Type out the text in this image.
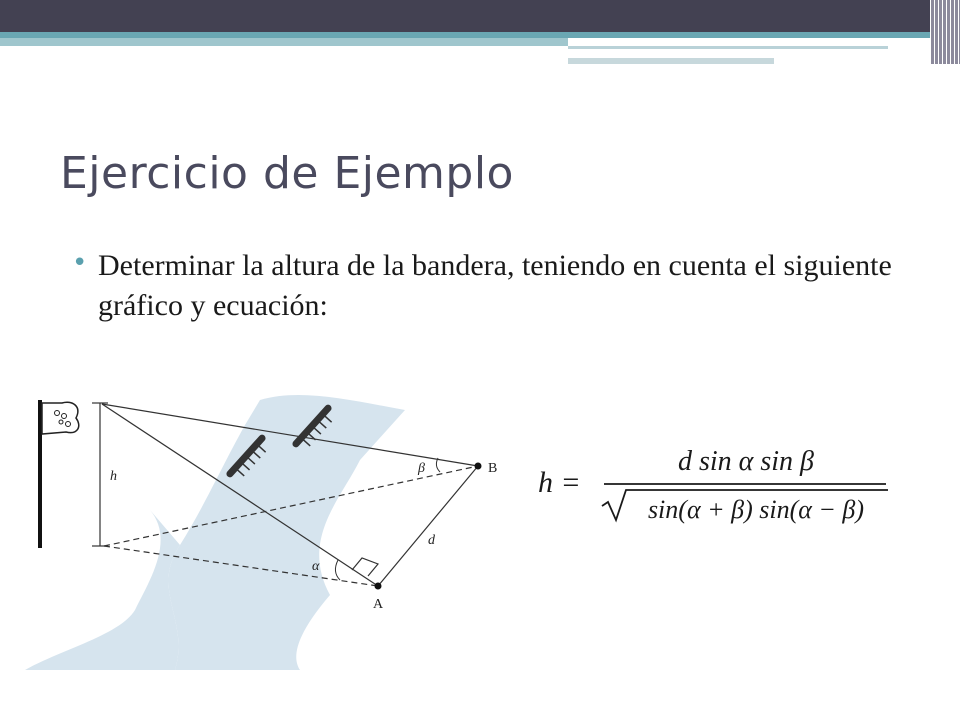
Ejercicio de Ejemplo
• Determinar la altura de la bandera, teniendo en cuenta el siguiente gráfico y ecuación:

h
A
B
d
α
β	h =
d sin α sin β
sin(α + β) sin(α − β)
